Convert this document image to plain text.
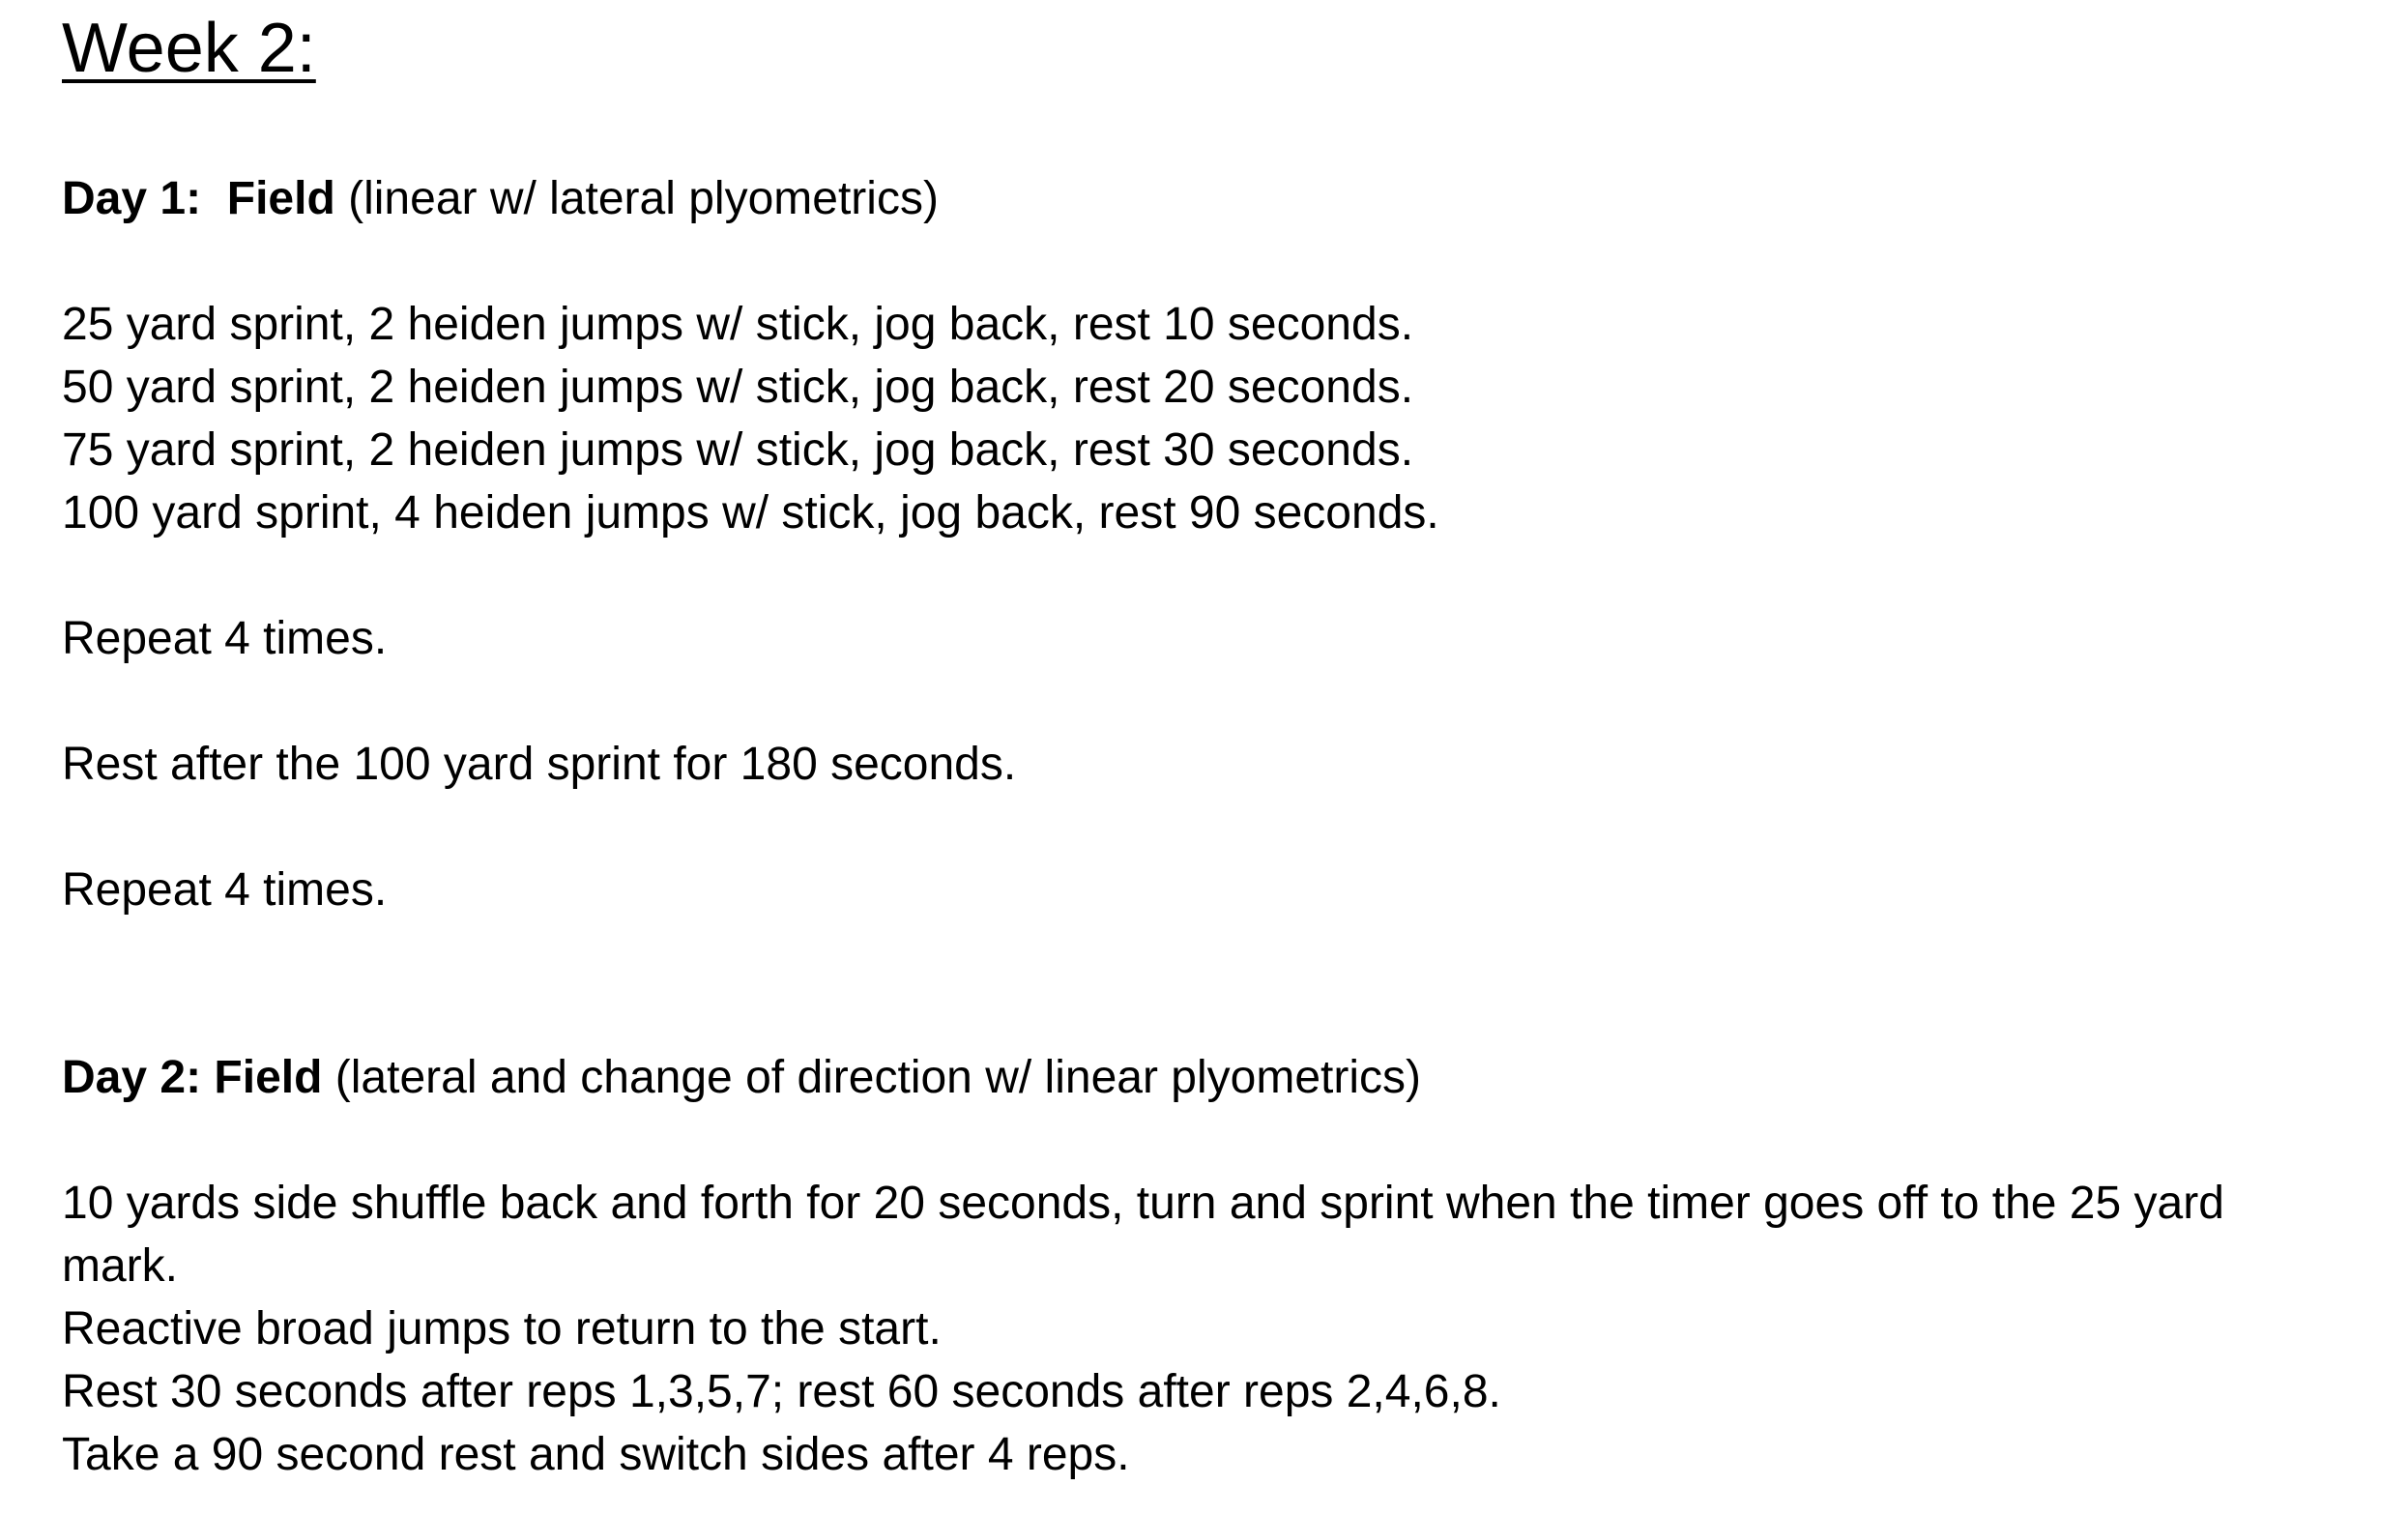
Week 2:
Day 1: Field (linear w/ lateral plyometrics)
25 yard sprint, 2 heiden jumps w/ stick, jog back, rest 10 seconds.
50 yard sprint, 2 heiden jumps w/ stick, jog back, rest 20 seconds.
75 yard sprint, 2 heiden jumps w/ stick, jog back, rest 30 seconds.
100 yard sprint, 4 heiden jumps w/ stick, jog back, rest 90 seconds.
Repeat 4 times.
Rest after the 100 yard sprint for 180 seconds.
Repeat 4 times.
Day 2: Field (lateral and change of direction w/ linear plyometrics)
10 yards side shuffle back and forth for 20 seconds, turn and sprint when the timer goes off to the 25 yard
mark.
Reactive broad jumps to return to the start.
Rest 30 seconds after reps 1,3,5,7; rest 60 seconds after reps 2,4,6,8.
Take a 90 second rest and switch sides after 4 reps.
